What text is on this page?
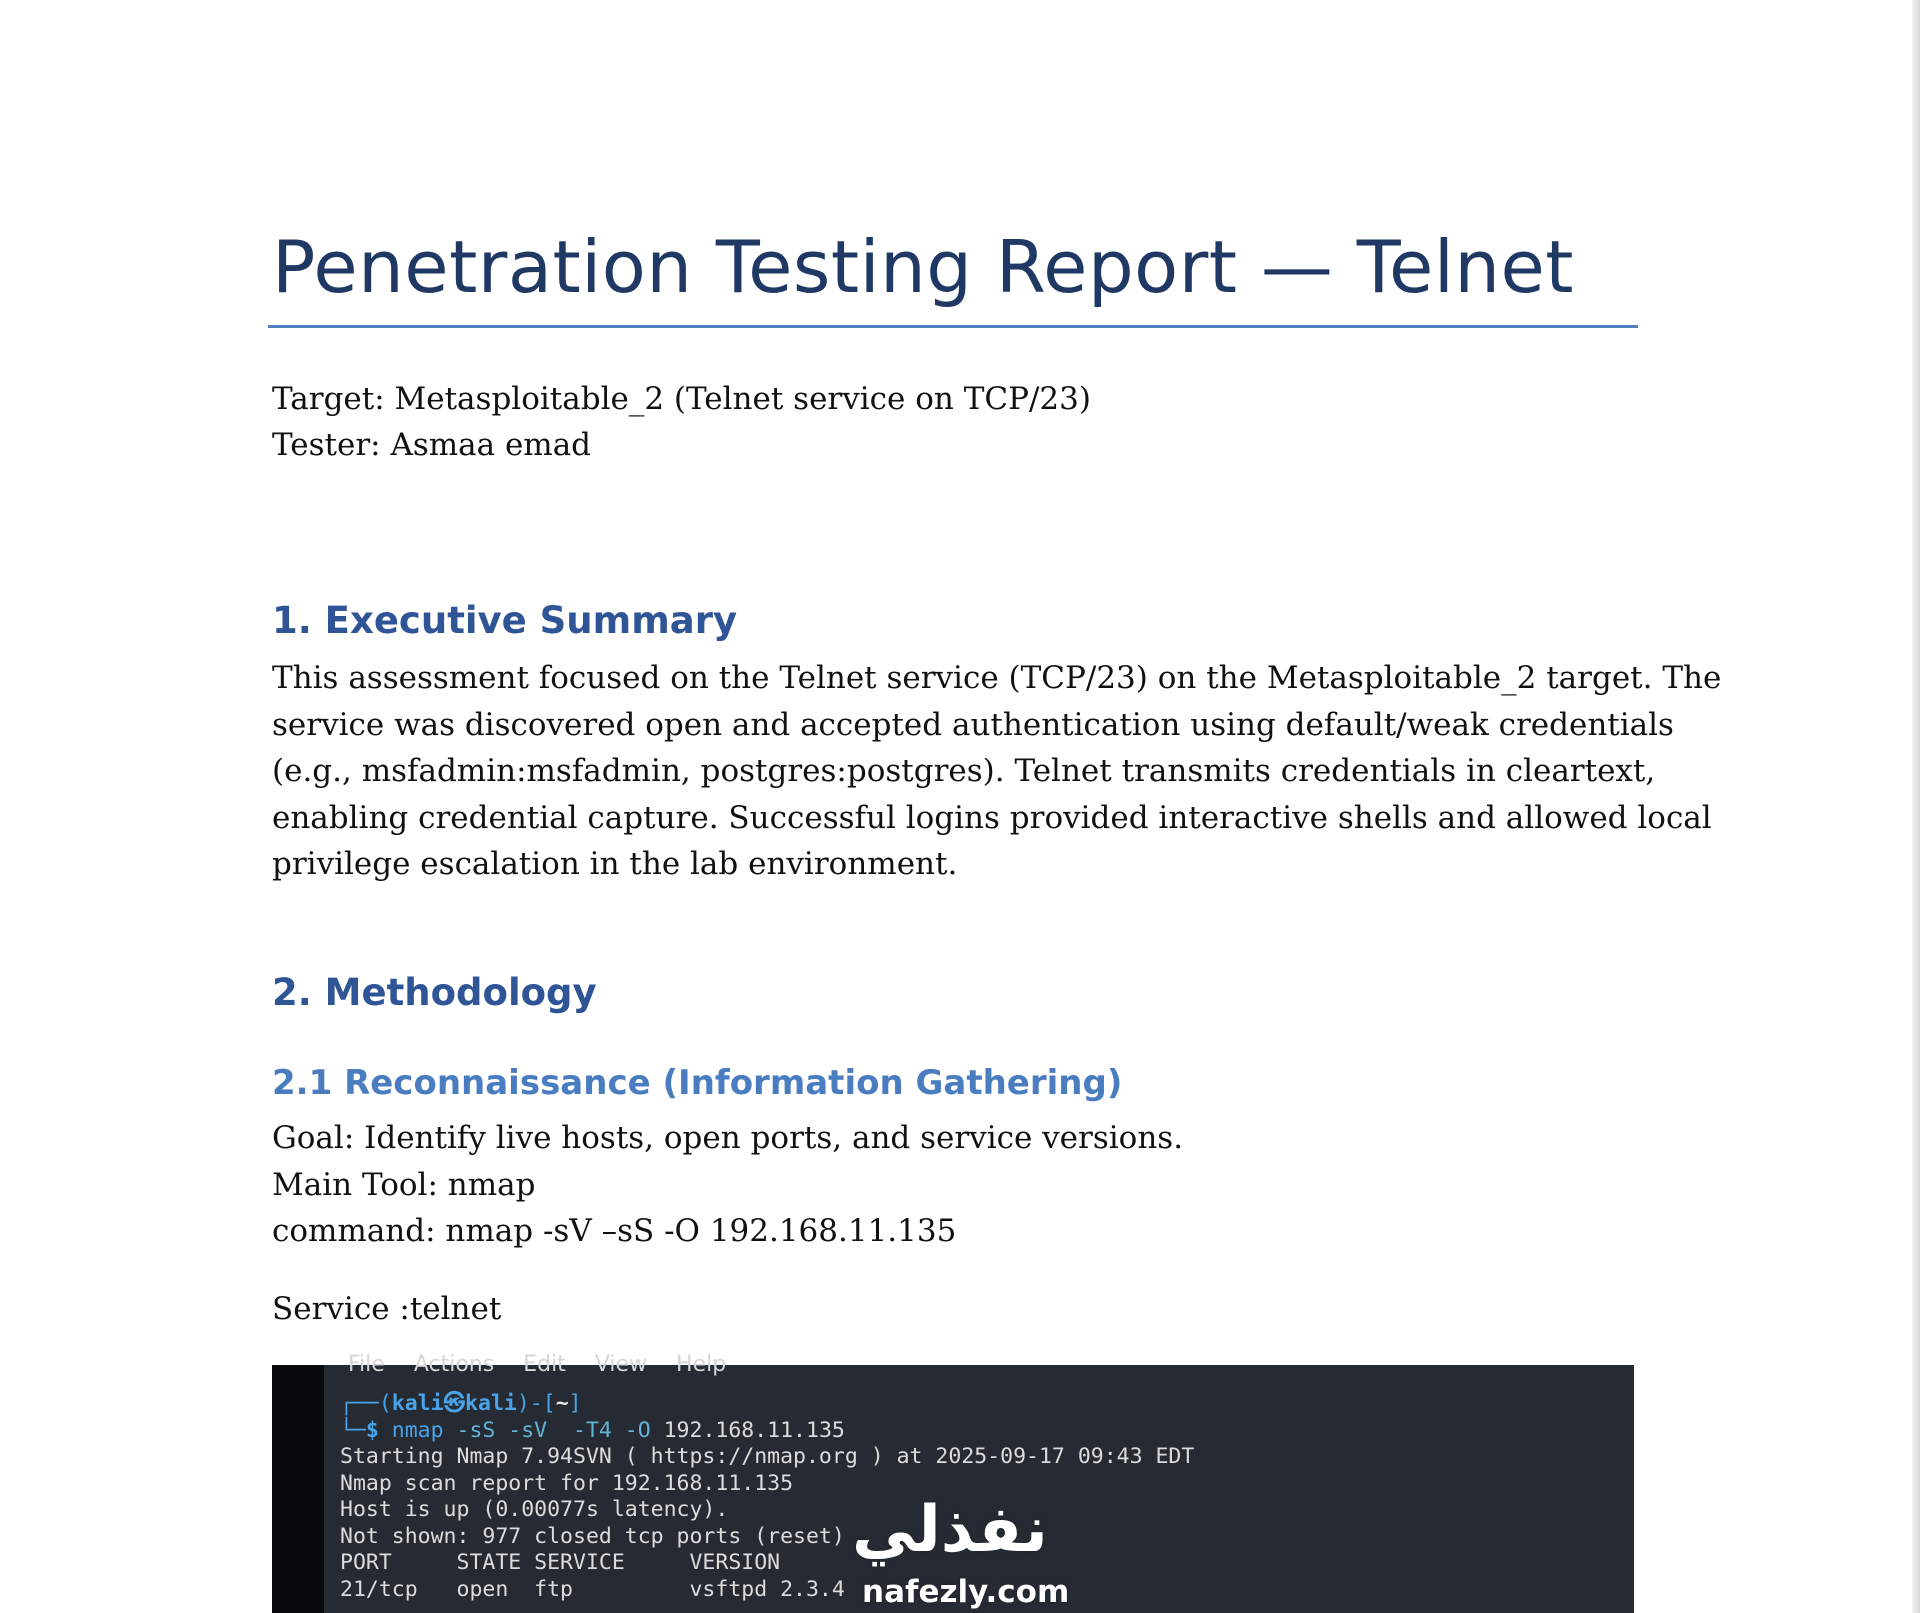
Penetration Testing Report — Telnet
Target: Metasploitable_2 (Telnet service on TCP/23)
Tester: Asmaa emad
1. Executive Summary
This assessment focused on the Telnet service (TCP/23) on the Metasploitable_2 target. The
service was discovered open and accepted authentication using default/weak credentials
(e.g., msfadmin:msfadmin, postgres:postgres). Telnet transmits credentials in cleartext,
enabling credential capture. Successful logins provided interactive shells and allowed local
privilege escalation in the lab environment.
2. Methodology
2.1 Reconnaissance (Information Gathering)
Goal: Identify live hosts, open ports, and service versions.
Main Tool: nmap
command: nmap -sV –sS -O 192.168.11.135
Service :telnet
File Actions Edit View Help
┌──(kali㉿kali)-[~]
└─$ nmap -sS -sV  -T4 -O 192.168.11.135
Starting Nmap 7.94SVN ( https://nmap.org ) at 2025-09-17 09:43 EDT
Nmap scan report for 192.168.11.135
Host is up (0.00077s latency).
Not shown: 977 closed tcp ports (reset)
PORT     STATE SERVICE     VERSION
21/tcp   open  ftp         vsftpd 2.3.4
نفذلي
nafezly.com
